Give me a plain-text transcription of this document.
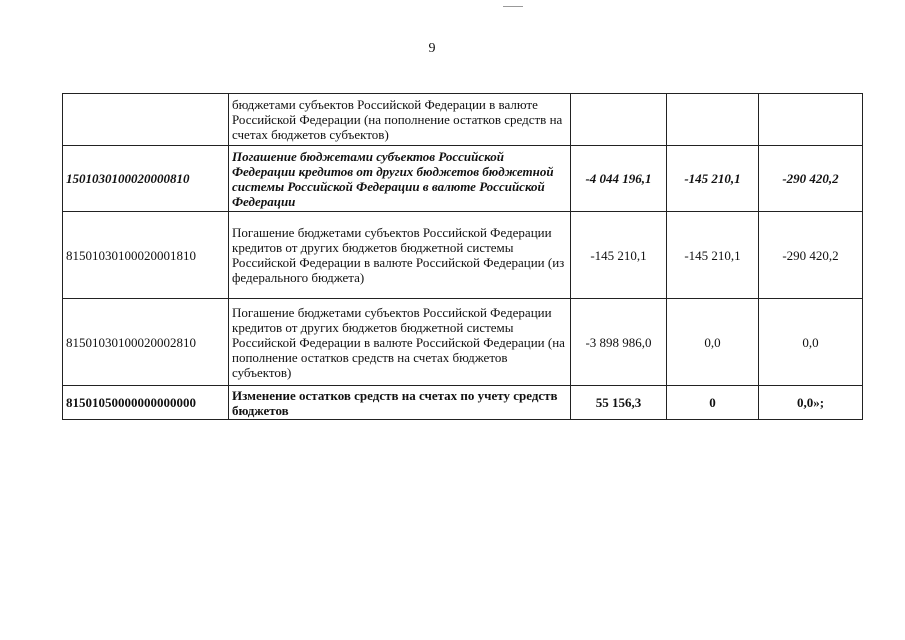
9
	бюджетами субъектов Российской Федерации в валюте Российской Федерации (на пополнение остатков средств на счетах бюджетов субъектов)			
1501030100020000810	Погашение бюджетами субъектов Российской Федерации кредитов от других бюджетов бюджетной системы Российской Федерации в валюте Российской Федерации	-4 044 196,1	-145 210,1	-290 420,2
81501030100020001810	Погашение бюджетами субъектов Российской Федерации кредитов от других бюджетов бюджетной системы Российской Федерации в валюте Российской Федерации (из федерального бюджета)	-145 210,1	-145 210,1	-290 420,2
81501030100020002810	Погашение бюджетами субъектов Российской Федерации кредитов от других бюджетов бюджетной системы Российской Федерации в валюте Российской Федерации (на пополнение остатков средств на счетах бюджетов субъектов)	-3 898 986,0	0,0	0,0
81501050000000000000	Изменение остатков средств на счетах по учету средств бюджетов	55 156,3	0	0,0»;
